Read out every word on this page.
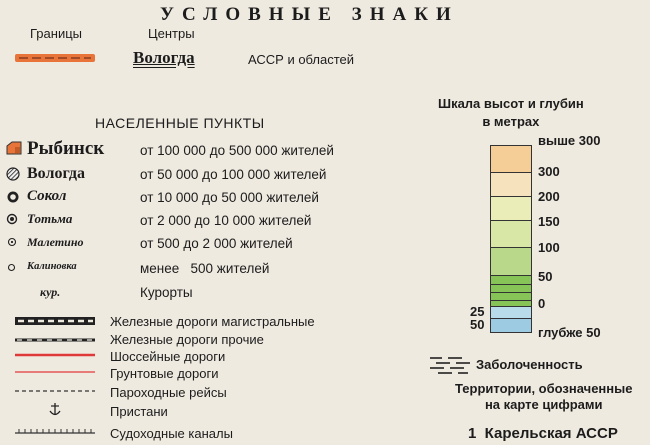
УСЛОВНЫЕ ЗНАКИ
Границы	Центры
Вологда	АССР и областей
НАСЕЛЕННЫЕ ПУНКТЫ
Рыбинск	от 100 000 до 500 000 жителей
Вологда	от 50 000 до 100 000 жителей
Сокол	от 10 000 до 50 000 жителей
Тотьма	от 2 000 до 10 000 жителей
Малетино	от 500 до 2 000 жителей
Калиновка	менее   500 жителей
кур.	Курорты
Железные дороги магистральные
Железные дороги прочие
Шоссейные дороги
Грунтовые дороги
Пароходные рейсы
Пристани
Судоходные каналы
Шкала высот и глубин
в метрах
выше 300
300
200
150
100
50
0
25
50
глубже 50
Заболоченность
Территории, обозначенные
на карте цифрами
1  Карельская АССР
